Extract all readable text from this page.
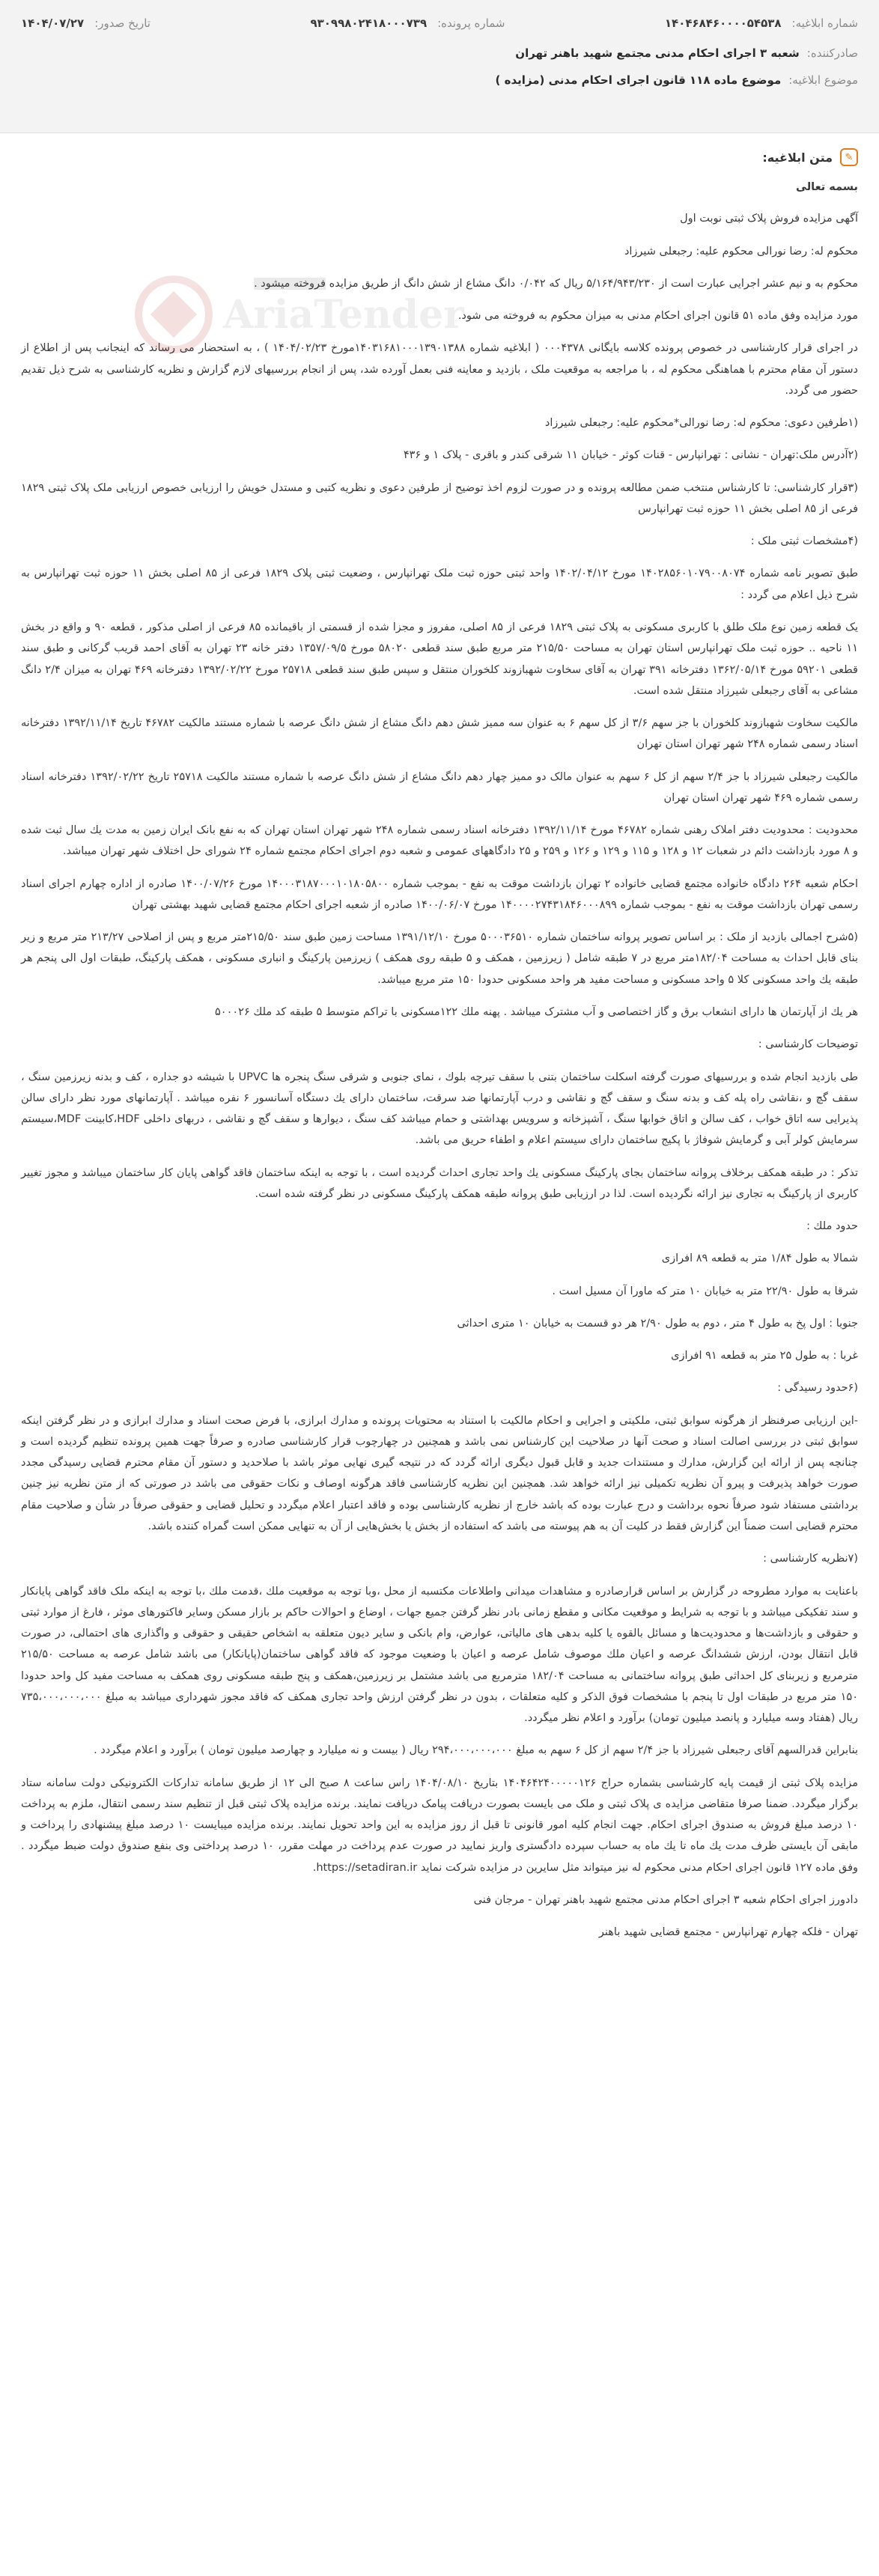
شماره ابلاغیه:
۱۴۰۴۶۸۴۶۰۰۰۰۵۴۵۳۸
شماره پرونده:
۹۳۰۹۹۸۰۲۴۱۸۰۰۰۷۳۹
تاریخ صدور:
۱۴۰۴/۰۷/۲۷
صادرکننده:
شعبه ۳ اجرای احکام مدنی مجتمع شهید باهنر تهران
موضوع ابلاغیه:
موضوع ماده ۱۱۸ قانون اجرای احکام مدنی (مزایده )
✎
متن ابلاغیه:
AriaTender

بسمه تعالی

آگهی مزایده فروش پلاک ثبتی نوبت اول

محکوم له: رضا نورالی محکوم علیه: رجبعلی شیرزاد

محکوم به و نیم عشر اجرایی عبارت است از ۵/۱۶۴/۹۴۳/۲۳۰ ریال که ۰/۰۴۲ دانگ مشاع از شش دانگ از طریق مزایده فروخته میشود .

مورد مزایده وفق ماده ۵۱ قانون اجرای احکام مدنی به میزان محکوم به فروخته می شود.

در اجرای قرار کارشناسی در خصوص پرونده کلاسه بایگانی ۰۰۰۴۳۷۸ ( ابلاغیه شماره ۱۴۰۳۱۶۸۱۰۰۰۱۳۹۰۱۳۸۸مورخ ۱۴۰۴/۰۲/۲۳ ) ، به استحضار می رساند که اینجانب پس از اطلاع از دستور آن مقام محترم با هماهنگی محکوم له ، با مراجعه به موقعیت ملک ، بازدید و معاینه فنی بعمل آورده شد، پس از انجام بررسیهای لازم گزارش و نظریه کارشناسی به شرح ذیل تقدیم حضور می گردد.

(۱طرفین دعوی: محکوم له: رضا نورالی*محکوم علیه: رجبعلی شیرزاد

(۲آدرس ملک:تهران - نشانی : تهرانپارس - قنات کوثر - خیابان ۱۱ شرقی کندر و باقری - پلاک ۱ و ۴۳۶

(۳قرار کارشناسی: تا کارشناس منتخب ضمن مطالعه پرونده و در صورت لزوم اخذ توضیح از طرفین دعوی و نظریه کتبی و مستدل خویش را ارزیابی خصوص ارزیابی ملک پلاک ثبتی ۱۸۲۹ فرعی از ۸۵ اصلی بخش ۱۱ حوزه ثبت تهرانپارس

(۴مشخصات ثبتی ملک :

طبق تصویر نامه شماره ۱۴۰۲۸۵۶۰۱۰۷۹۰۰۸۰۷۴ مورخ ۱۴۰۲/۰۴/۱۲ واحد ثبتی حوزه ثبت ملک تهرانپارس ، وضعیت ثبتی پلاک ۱۸۲۹ فرعی از ۸۵ اصلی بخش ۱۱ حوزه ثبت تهرانپارس به شرح ذیل اعلام می گردد :

یک قطعه زمین نوع ملک طلق با کاربری مسکونی به پلاک ثبتی ۱۸۲۹ فرعی از ۸۵ اصلی، مفروز و مجزا شده از قسمتی از باقیمانده ۸۵ فرعی از اصلی مذکور ، قطعه ۹۰ و واقع در بخش ۱۱ ناحیه .. حوزه ثبت ملک تهرانپارس استان تهران به مساحت ۲۱۵/۵۰ متر مربع طبق سند قطعی ۵۸۰۲۰ مورخ ۱۳۵۷/۰۹/۵ دفتر خانه ۲۳ تهران به آقای احمد قریب گرکانی و طبق سند قطعی ۵۹۲۰۱ مورخ ۱۳۶۲/۰۵/۱۴ دفترخانه ۳۹۱ تهران به آقای سخاوت شهبازوند کلخوران منتقل و سپس طبق سند قطعی ۲۵۷۱۸ مورخ ۱۳۹۲/۰۲/۲۲ دفترخانه ۴۶۹ تهران به میزان ۲/۴ دانگ مشاعی به آقای رجبعلی شیرزاد منتقل شده است.

مالکیت سخاوت شهبازوند کلخوران با جز سهم ۳/۶ از کل سهم ۶ به عنوان سه ممیز شش دهم دانگ مشاع از شش دانگ عرصه با شماره مستند مالکیت ۴۶۷۸۲ تاریخ ۱۳۹۲/۱۱/۱۴ دفترخانه اسناد رسمی شماره ۲۴۸ شهر تهران استان تهران

مالکیت رجبعلی شیرزاد با جز ۲/۴ سهم از کل ۶ سهم به عنوان مالک دو ممیز چهار دهم دانگ مشاع از شش دانگ عرصه با شماره مستند مالکیت ۲۵۷۱۸ تاریخ ۱۳۹۲/۰۲/۲۲ دفترخانه اسناد رسمی شماره ۴۶۹ شهر تهران استان تهران

محدودیت : محدودیت دفتر املاک رهنی شماره ۴۶۷۸۲ مورخ ۱۳۹۲/۱۱/۱۴ دفترخانه اسناد رسمی شماره ۲۴۸ شهر تهران استان تهران که به نفع بانک ایران زمین به مدت یك سال ثبت شده و ۸ مورد بازداشت دائم در شعبات ۱۲ و ۱۲۸ و ۱۱۵ و ۱۲۹ و ۱۲۶ و ۲۵۹ و ۲۵ دادگاههای عمومی و شعبه دوم اجرای احکام مجتمع شماره ۲۴ شورای حل اختلاف شهر تهران میباشد.

احکام شعبه ۲۶۴ دادگاه خانواده مجتمع قضایی خانواده ۲ تهران بازداشت موقت به نفع - بموجب شماره ۱۴۰۰۰۳۱۸۷۰۰۰۱۰۱۸۰۵۸۰۰ مورخ ۱۴۰۰/۰۷/۲۶ صادره از اداره چهارم اجرای اسناد رسمی تهران بازداشت موقت به نفع - بموجب شماره ۱۴۰۰۰۰۲۷۴۳۱۸۴۶۰۰۰۸۹۹ مورخ ۱۴۰۰/۰۶/۰۷ صادره از شعبه اجرای احکام مجتمع قضایی شهید بهشتی تهران

(۵شرح اجمالی بازدید از ملک : بر اساس تصویر پروانه ساختمان شماره ۵۰۰۰۳۶۵۱۰ مورخ ۱۳۹۱/۱۲/۱۰ مساحت زمین طبق سند ۲۱۵/۵۰متر مربع و پس از اصلاحی ۲۱۳/۲۷ متر مربع و زیر بنای قابل احداث به مساحت ۱۸۲/۰۴متر مربع در ۷ طبقه شامل ( زیرزمین ، همکف و ۵ طبقه روی همکف ) زیرزمین پارکینگ و انباری مسکونی ، همکف پارکینگ، طبقات اول الی پنجم هر طبقه یك واحد مسکونی کلا ۵ واحد مسکونی و مساحت مفید هر واحد مسکونی حدودا ۱۵۰ متر مربع میباشد.

هر یك از آپارتمان ها دارای انشعاب برق و گاز اختصاصی و آب مشترک میباشد . پهنه ملك ۱۲۲مسکونی با تراکم متوسط ۵ طبقه کد ملك ۵۰۰۰۲۶

توضیحات کارشناسی :

طی بازدید انجام شده و بررسیهای صورت گرفته اسکلت ساختمان بتنی با سقف تیرچه بلوك ، نمای جنوبی و شرقی سنگ پنجره ها UPVC با شیشه دو جداره ، کف و بدنه زیرزمین سنگ ، سقف گچ و ،نقاشی راه پله کف و بدنه سنگ و سقف گچ و نقاشی و درب آپارتمانها ضد سرقت، ساختمان دارای یك دستگاه آسانسور ۶ نفره میباشد . آپارتمانهای مورد نظر دارای سالن پذیرایی سه اتاق خواب ، کف سالن و اتاق خوابها سنگ ، آشپزخانه و سرویس بهداشتی و حمام میباشد کف سنگ ، دیوارها و سقف گچ و نقاشی ، دربهای داخلی HDF،کابینت MDF،سیستم سرمایش کولر آبی و گرمایش شوفاژ با پکیج ساختمان دارای سیستم اعلام و اطفاء حریق می باشد.

تذکر : در طبقه همکف برخلاف پروانه ساختمان بجای پارکینگ مسکونی یك واحد تجاری احداث گردیده است ، با توجه به اینکه ساختمان فاقد گواهی پایان کار ساختمان میباشد و مجوز تغییر کاربری از پارکینگ به تجاری نیز ارائه نگردیده است. لذا در ارزیابی طبق پروانه طبقه همکف پارکینگ مسکونی در نظر گرفته شده است.

حدود ملك :

شمالا به طول ۱/۸۴ متر به قطعه ۸۹ افرازی

شرقا به طول ۲۲/۹۰ متر به خیابان ۱۰ متر که ماورا آن مسیل است .

جنوبا : اول پخ به طول ۴ متر ، دوم به طول ۲/۹۰ هر دو قسمت به خیابان ۱۰ متری احداثی

غربا : به طول ۲۵ متر به قطعه ۹۱ افرازی

(۶حدود رسیدگی :

-این ارزیابی صرفنظر از هرگونه سوابق ثبتی، ملکیتی و اجرایی و احکام مالکیت با استناد به محتویات پرونده و مدارك ابرازی، با فرض صحت اسناد و مدارك ابرازی و در نظر گرفتن اینکه سوابق ثبتی در بررسی اصالت اسناد و صحت آنها در صلاحیت این کارشناس نمی باشد و همچنین در چهارچوب قرار کارشناسی صادره و صرفاً جهت همین پرونده تنظیم گردیده است و چنانچه پس از ارائه این گزارش، مدارك و مستندات جدید و قابل قبول دیگری ارائه گردد که در نتیجه گیری نهایی موثر باشد با صلاحدید و دستور آن مقام محترم قضایی رسیدگی مجدد صورت خواهد پذیرفت و پیرو آن نظریه تکمیلی نیز ارائه خواهد شد. همچنین این نظریه کارشناسی فاقد هرگونه اوصاف و نکات حقوقی می باشد در صورتی که از متن نظریه نیز چنین برداشتی مستفاد شود صرفاً نحوه برداشت و درج عبارت بوده که باشد خارج از نظریه کارشناسی بوده و فاقد اعتبار اعلام میگردد و تحلیل قضایی و حقوقی صرفاً در شأن و صلاحیت مقام محترم قضایی است ضمناً این گزارش فقط در کلیت آن به هم پیوسته می باشد که استفاده از بخش یا بخش‌هایی از آن به تنهایی ممکن است گمراه کننده باشد.

(۷نظریه کارشناسی :

باعنایت به موارد مطروحه در گزارش بر اساس قرارصادره و مشاهدات میدانی واطلاعات مکتسبه از محل ،وبا توجه به موقعیت ملك ،قدمت ملك ،با توجه به اینکه ملک فاقد گواهی پایانکار و سند تفکیکی میباشد و با توجه به شرایط و موقعیت مکانی و مقطع زمانی بادر نظر گرفتن جمیع جهات ، اوضاع و احوالات حاکم بر بازار مسکن وسایر فاکتورهای موثر ، فارغ از موارد ثبتی و حقوقی و بازداشت‌ها و محدودیت‌ها و مسائل بالقوه یا کلیه بدهی های مالیاتی، عوارض، وام بانکی و سایر دیون متعلقه به اشخاص حقیقی و حقوقی و واگذاری های احتمالی، در صورت قابل انتقال بودن، ارزش ششدانگ عرصه و اعیان ملك موصوف شامل عرصه و اعیان با وضعیت موجود که فاقد گواهی ساختمان(پایانکار) می باشد شامل عرصه به مساحت ۲۱۵/۵۰ مترمربع و زیربنای کل احداثی طبق پروانه ساختمانی به مساحت ۱۸۲/۰۴ مترمربع می باشد مشتمل بر زیرزمین،همکف و پنج طبقه مسکونی روی همکف به مساحت مفید کل واحد حدودا ۱۵۰ متر مربع در طبقات اول تا پنجم با مشخصات فوق الذکر و کلیه متعلقات ، بدون در نظر گرفتن ارزش واحد تجاری همکف که فاقد مجوز شهرداری میباشد به مبلغ ۷۳۵،۰۰۰،۰۰۰،۰۰۰ ریال (هفتاد وسه میلیارد و پانصد میلیون تومان) برآورد و اعلام نظر میگردد.

بنابراین قدرالسهم آقای رجبعلی شیرزاد با جز ۲/۴ سهم از کل ۶ سهم به مبلغ ۲۹۴،۰۰۰،۰۰۰،۰۰۰ ریال ( بیست و نه میلیارد و چهارصد میلیون تومان ) برآورد و اعلام میگردد .

مزایده پلاک ثبتی از قیمت پایه کارشناسی بشماره حراج ۱۴۰۴۶۴۲۴۰۰۰۰۰۱۲۶ بتاریخ ۱۴۰۴/۰۸/۱۰ راس ساعت ۸ صبح الی ۱۲ از طریق سامانه تدارکات الکترونیکی دولت سامانه ستاد برگزار میگردد. ضمنا صرفا متقاضی مزایده ی پلاک ثبتی و ملک می بایست بصورت دریافت پیامک دریافت نمایند. برنده مزایده پلاک ثبتی قبل از تنظیم سند رسمی انتقال، ملزم به پرداخت ۱۰ درصد مبلغ فروش به صندوق اجرای احکام. جهت انجام کلیه امور قانونی تا قبل از روز مزایده به این واحد تحویل نمایند. برنده مزایده میبایست ۱۰ درصد مبلغ پیشنهادی را پرداخت و مابقی آن بایستی ظرف مدت یك ماه تا یك ماه به حساب سپرده دادگستری واریز نمایید در صورت عدم پرداخت در مهلت مقرر، ۱۰ درصد پرداختی وی بنفع صندوق دولت ضبط میگردد . وفق ماده ۱۲۷ قانون اجرای احکام مدنی محکوم له نیز میتواند مثل سایرین در مزایده شرکت نماید https://setadiran.ir.

دادورز اجرای احکام شعبه ۳ اجرای احکام مدنی مجتمع شهید باهنر تهران - مرجان فنی

تهران - فلکه چهارم تهرانپارس - مجتمع قضایی شهید باهنر
